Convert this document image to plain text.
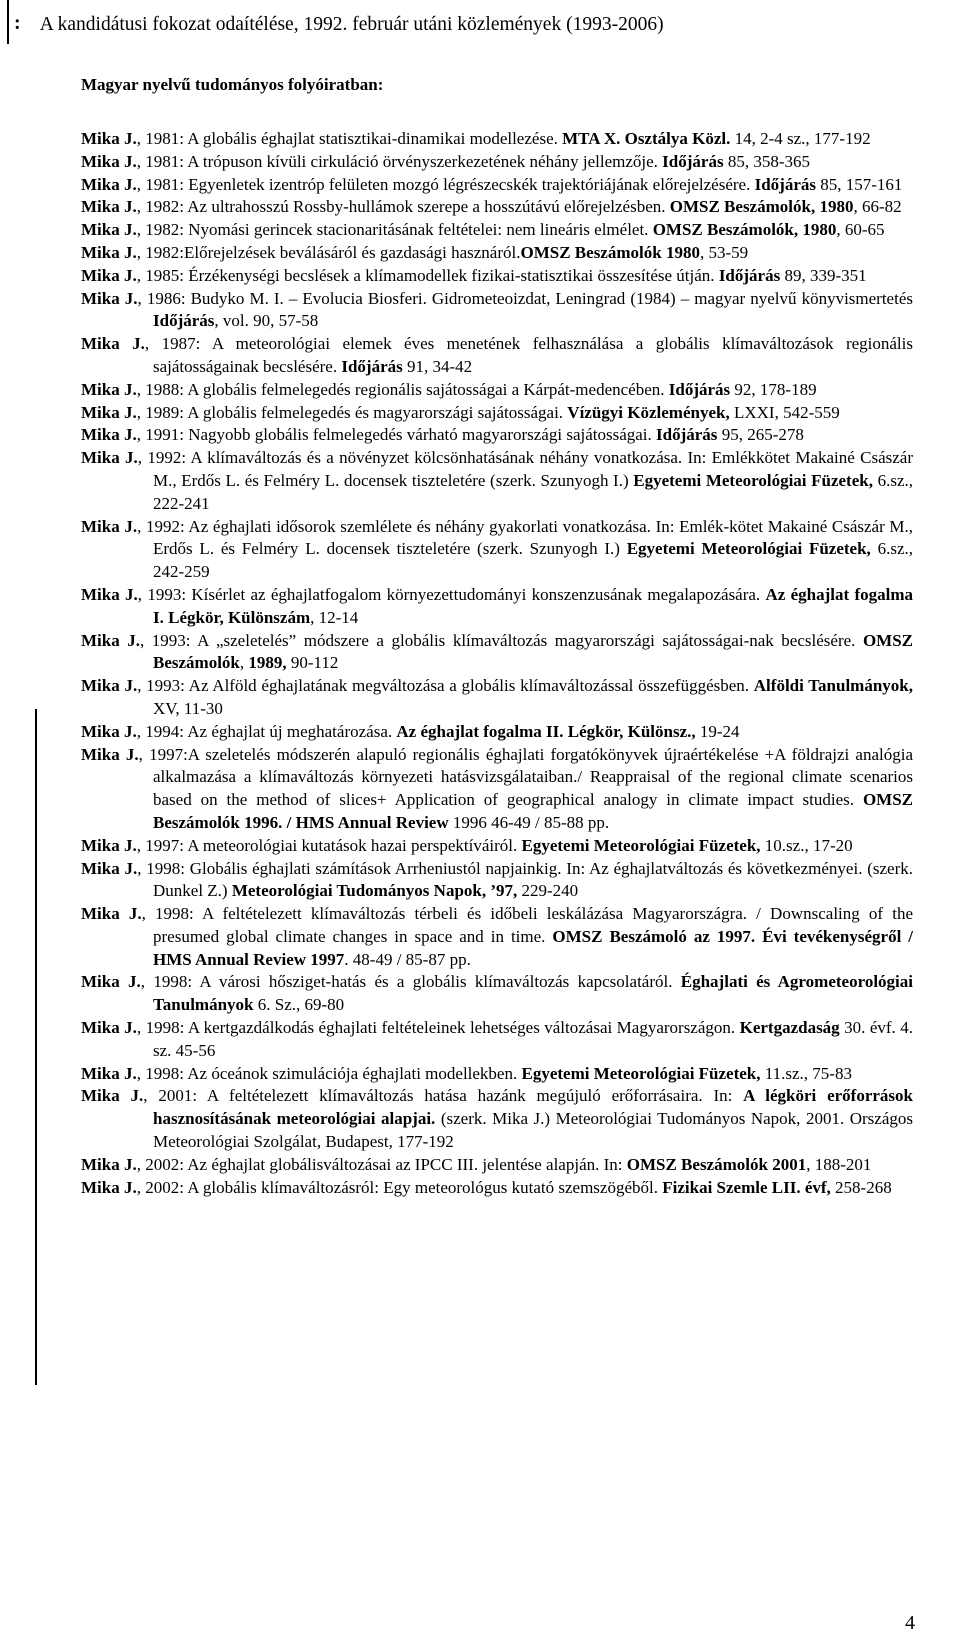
: A kandidátusi fokozat odaítélése, 1992. február utáni közlemények (1993-2006)
Magyar nyelvű tudományos folyóiratban:
Mika J., 1981: A globális éghajlat statisztikai-dinamikai modellezése. MTA X. Osztálya Közl. 14, 2-4 sz., 177-192
Mika J., 1981: A trópuson kívüli cirkuláció örvényszerkezetének néhány jellemzője. Időjárás 85, 358-365
Mika J., 1981: Egyenletek izentróp felületen mozgó légrészecskék trajektóriájának előrejelzésére. Időjárás 85, 157-161
Mika J., 1982: Az ultrahosszú Rossby-hullámok szerepe a hosszútávú előrejelzésben. OMSZ Beszámolók, 1980, 66-82
Mika J., 1982: Nyomási gerincek stacionaritásának feltételei: nem lineáris elmélet. OMSZ Beszámolók, 1980, 60-65
Mika J., 1982:Előrejelzések beválásáról és gazdasági hasznáról.OMSZ Beszámolók 1980, 53-59
Mika J., 1985: Érzékenységi becslések a klímamodellek fizikai-statisztikai összesítése útján. Időjárás 89, 339-351
Mika J., 1986: Budyko M. I. – Evolucia Biosferi. Gidrometeoizdat, Leningrad (1984) – magyar nyelvű könyvismertetés Időjárás, vol. 90, 57-58
Mika J., 1987: A meteorológiai elemek éves menetének felhasználása a globális klímaváltozások regionális sajátosságainak becslésére. Időjárás 91, 34-42
Mika J., 1988: A globális felmelegedés regionális sajátosságai a Kárpát-medencében. Időjárás 92, 178-189
Mika J., 1989: A globális felmelegedés és magyarországi sajátosságai. Vízügyi Közlemények, LXXI, 542-559
Mika J., 1991: Nagyobb globális felmelegedés várható magyarországi sajátosságai. Időjárás 95, 265-278
Mika J., 1992: A klímaváltozás és a növényzet kölcsönhatásának néhány vonatkozása. In: Emlékkötet Makainé Császár M., Erdős L. és Felméry L. docensek tiszteletére (szerk. Szunyogh I.) Egyetemi Meteorológiai Füzetek, 6.sz., 222-241
Mika J., 1992: Az éghajlati idősorok szemlélete és néhány gyakorlati vonatkozása. In: Emlék-kötet Makainé Császár M., Erdős L. és Felméry L. docensek tiszteletére (szerk. Szunyogh I.) Egyetemi Meteorológiai Füzetek, 6.sz., 242-259
Mika J., 1993: Kísérlet az éghajlatfogalom környezettudományi konszenzusának megalapozására. Az éghajlat fogalma I. Légkör, Különszám, 12-14
Mika J., 1993: A „szeletelés” módszere a globális klímaváltozás magyarországi sajátosságai-nak becslésére. OMSZ Beszámolók, 1989, 90-112
Mika J., 1993: Az Alföld éghajlatának megváltozása a globális klímaváltozással összefüggésben. Alföldi Tanulmányok, XV, 11-30
Mika J., 1994: Az éghajlat új meghatározása. Az éghajlat fogalma II. Légkör, Különsz., 19-24
Mika J., 1997:A szeletelés módszerén alapuló regionális éghajlati forgatókönyvek újraértékelése +A földrajzi analógia alkalmazása a klímaváltozás környezeti hatásvizsgálataiban./ Reappraisal of the regional climate scenarios based on the method of slices+ Application of geographical analogy in climate impact studies. OMSZ Beszámolók 1996. / HMS Annual Review 1996 46-49 / 85-88 pp.
Mika J., 1997: A meteorológiai kutatások hazai perspektíváiról. Egyetemi Meteorológiai Füzetek, 10.sz., 17-20
Mika J., 1998: Globális éghajlati számítások Arrheniustól napjainkig. In: Az éghajlatváltozás és következményei. (szerk. Dunkel Z.) Meteorológiai Tudományos Napok, ’97, 229-240
Mika J., 1998: A feltételezett klímaváltozás térbeli és időbeli leskálázása Magyarországra. / Downscaling of the presumed global climate changes in space and in time. OMSZ Beszámoló az 1997. Évi tevékenységről / HMS Annual Review 1997. 48-49 / 85-87 pp.
Mika J., 1998: A városi hősziget-hatás és a globális klímaváltozás kapcsolatáról. Éghajlati és Agrometeorológiai Tanulmányok 6. Sz., 69-80
Mika J., 1998: A kertgazdálkodás éghajlati feltételeinek lehetséges változásai Magyarországon. Kertgazdaság 30. évf. 4. sz. 45-56
Mika J., 1998: Az óceánok szimulációja éghajlati modellekben. Egyetemi Meteorológiai Füzetek, 11.sz., 75-83
Mika J., 2001: A feltételezett klímaváltozás hatása hazánk megújuló erőforrásaira. In: A légköri erőforrások hasznosításának meteorológiai alapjai. (szerk. Mika J.) Meteorológiai Tudományos Napok, 2001. Országos Meteorológiai Szolgálat, Budapest, 177-192
Mika J., 2002: Az éghajlat globálisváltozásai az IPCC III. jelentése alapján. In: OMSZ Beszámolók 2001, 188-201
Mika J., 2002: A globális klímaváltozásról: Egy meteorológus kutató szemszögéből. Fizikai Szemle LII. évf, 258-268
4
